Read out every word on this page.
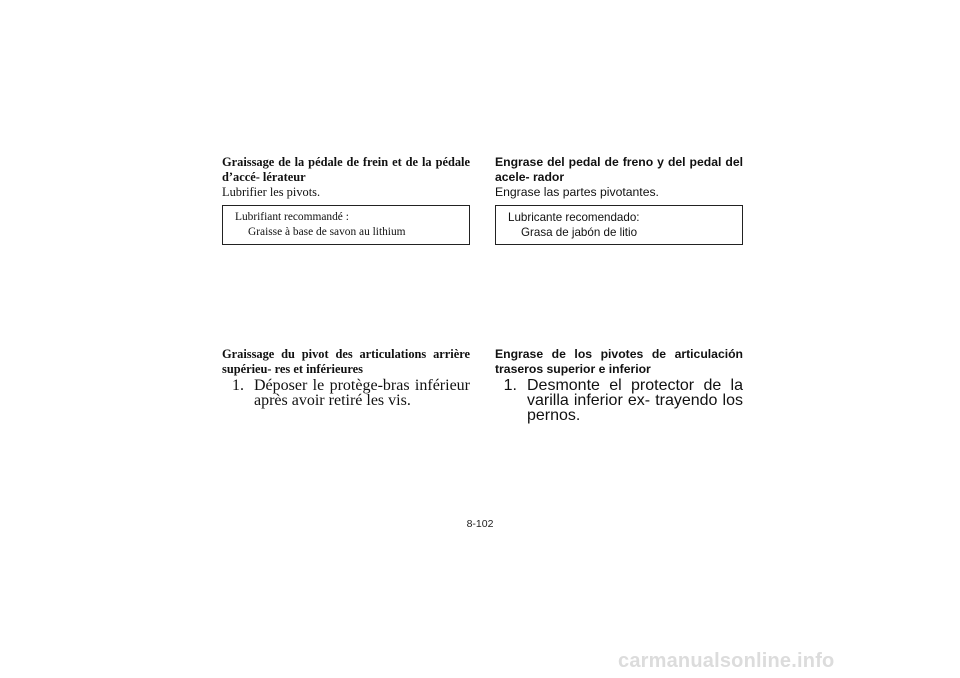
Graissage de la pédale de frein et de la pédale d’accé- lérateur

Lubrifier les pivots.

Lubrifiant recommandé :

Graisse à base de savon au lithium

Graissage du pivot des articulations arrière supérieu- res et inférieures

1. Déposer le protège-bras inférieur après avoir retiré les vis.

Engrase del pedal de freno y del pedal del acele- rador

Engrase las partes pivotantes.

Lubricante recomendado:

Grasa de jabón de litio

Engrase de los pivotes de articulación traseros superior e inferior

1. Desmonte el protector de la varilla inferior ex- trayendo los pernos.
8-102
carmanualsonline.info
